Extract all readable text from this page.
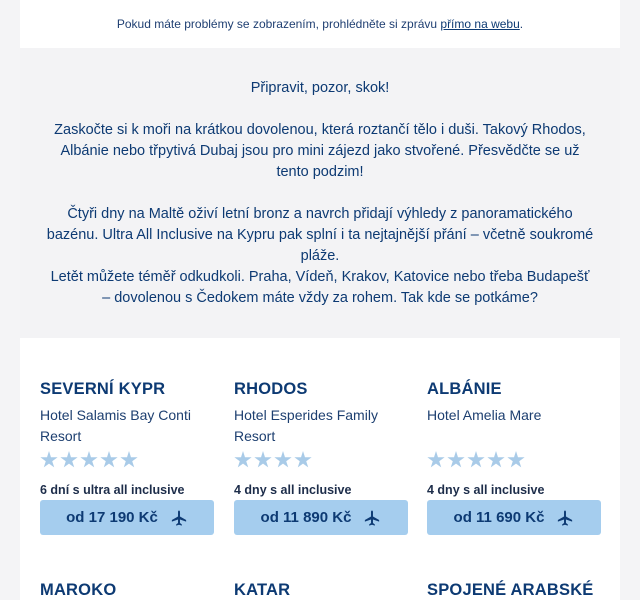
Pokud máte problémy se zobrazením, prohlédněte si zprávu
přímo na webu .

Připravit, pozor, skok!

Zaskočte si k moři na krátkou dovolenou, která roztančí tělo i duši. Takový Rhodos, Albánie nebo třpytivá Dubaj jsou pro mini zájezd jako stvořené. Přesvědčte se už tento podzim!

Čtyři dny na Maltě oživí letní bronz a navrch přidají výhledy z panoramatického bazénu. Ultra All Inclusive na Kypru pak splní i ta nejtajnější přání – včetně soukromé pláže.

Letět můžete téměř odkudkoli. Praha, Vídeň, Krakov, Katovice nebo třeba Budapešť – dovolenou s Čedokem máte vždy za rohem. Tak kde se potkáme?

SEVERNÍ KYPR

Hotel Salamis Bay Conti Resort
6 dní s ultra all inclusive
od 17 190 Kč

RHODOS

Hotel Esperides Family Resort
4 dny s all inclusive
od 11 890 Kč

ALBÁNIE

Hotel Amelia Mare
4 dny s all inclusive
od 11 690 Kč

MAROKO	KATAR	SPOJENÉ ARABSKÉ
